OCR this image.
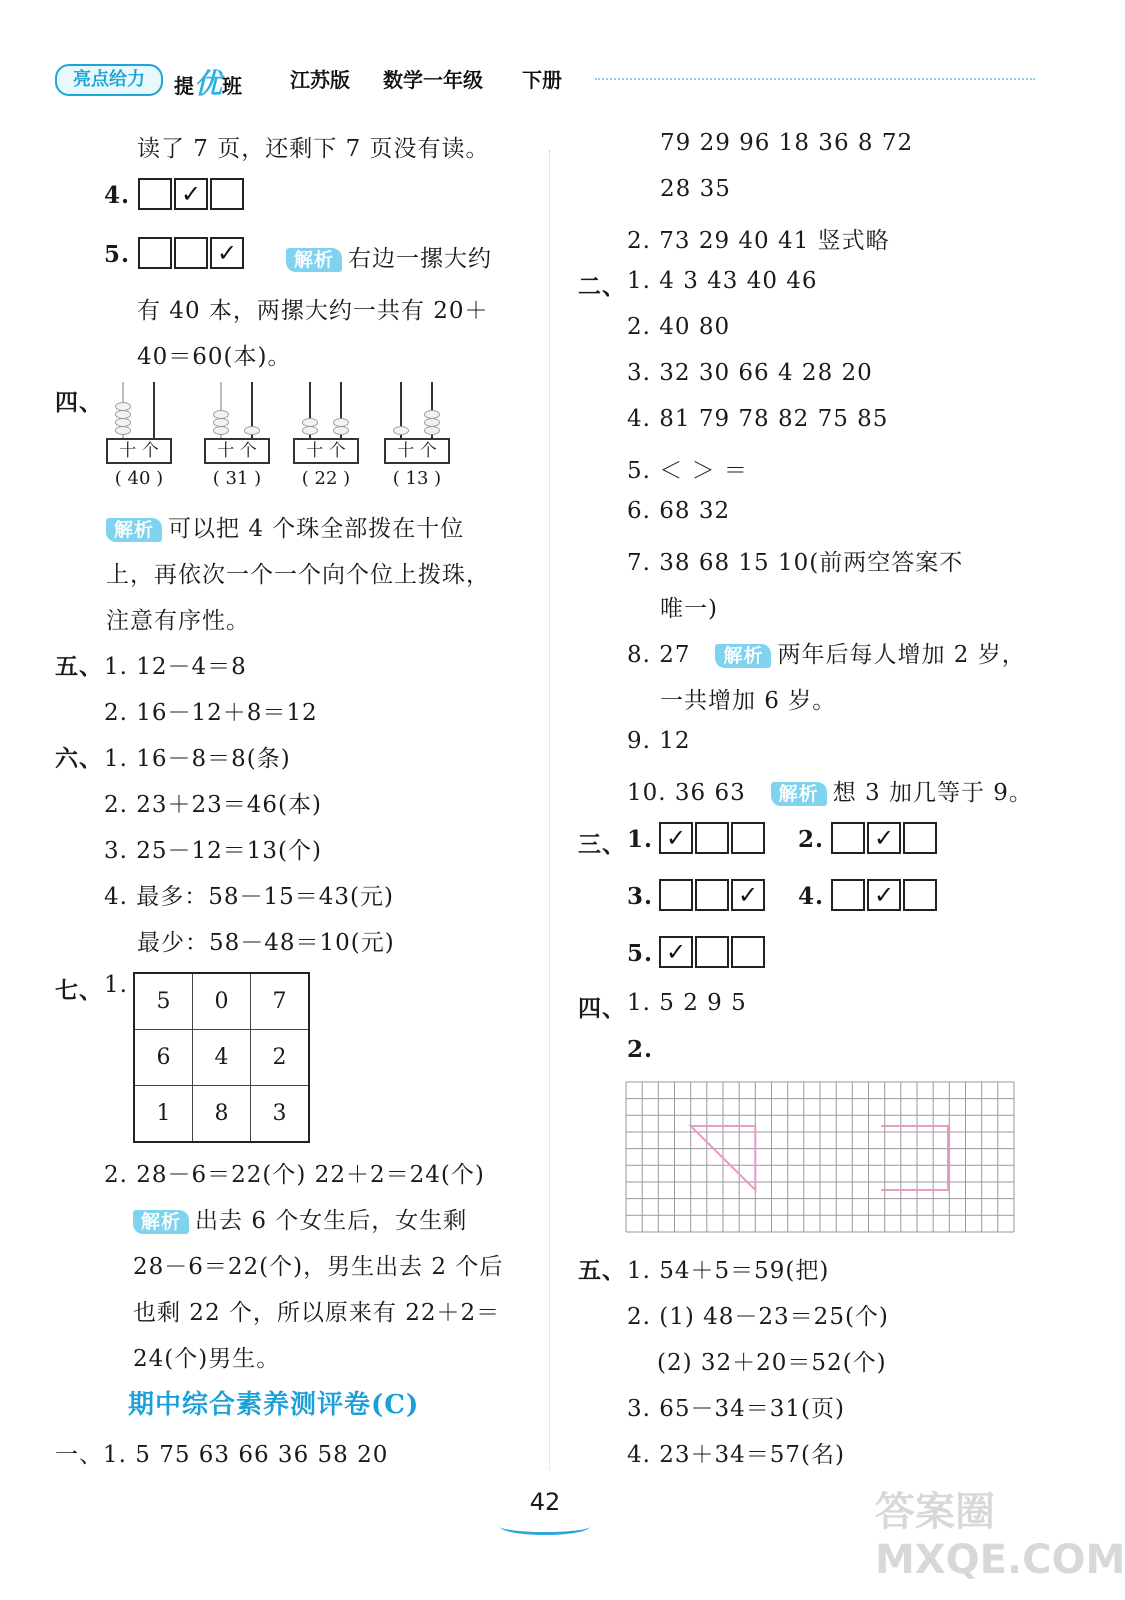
亮点给力	提优班 江苏版 数学一年级 下册
读了 7 页，还剩下 7 页没有读。
4. ✓
5.	✓	解析 右边一摞大约
有 40 本，两摞大约一共有 20＋
40＝60(本)。
四、
十 个
( 40 )
十 个
( 31 )
十 个
( 22 )
十 个
( 13 )
解析 可以把 4 个珠全部拨在十位
上，再依次一个一个向个位上拨珠，
注意有序性。
五、 1. 12－4＝8
2. 16－12＋8＝12
六、 1. 16－8＝8(条)
2. 23＋23＝46(本)
3. 25－12＝13(个)
4. 最多：58－15＝43(元)
最少：58－48＝10(元)
七、 1.
5	0	7
6	4	2
1	8	3
2. 28－6＝22(个) 22＋2＝24(个)
解析 出去 6 个女生后，女生剩
28－6＝22(个)，男生出去 2 个后
也剩 22 个，所以原来有 22＋2＝
24(个)男生。
期中综合素养测评卷(C)
一、1. 5 75 63 66 36 58 20
79 29 96 18 36 8 72
28 35
2. 73 29 40 41 竖式略
二、 1. 4 3 43 40 46
2. 40 80
3. 32 30 66 4 28 20
4. 81 79 78 82 75 85
5. ＜ ＞ ＝
6. 68 32
7. 38 68 15 10(前两空答案不
唯一)
8. 27 解析 两年后每人增加 2 岁，
一共增加 6 岁。
9. 12
10. 36 63 解析 想 3 加几等于 9。
三、 1. ✓	2. ✓
3.	✓	4. ✓
5. ✓
四、 1. 5 2 9 5
2.
五、 1. 54＋5＝59(把)
2. (1) 48－23＝25(个)
(2) 32＋20＝52(个)
3. 65－34＝31(页)
4. 23＋34＝57(名)
42	答案圈 MXQE.COM
